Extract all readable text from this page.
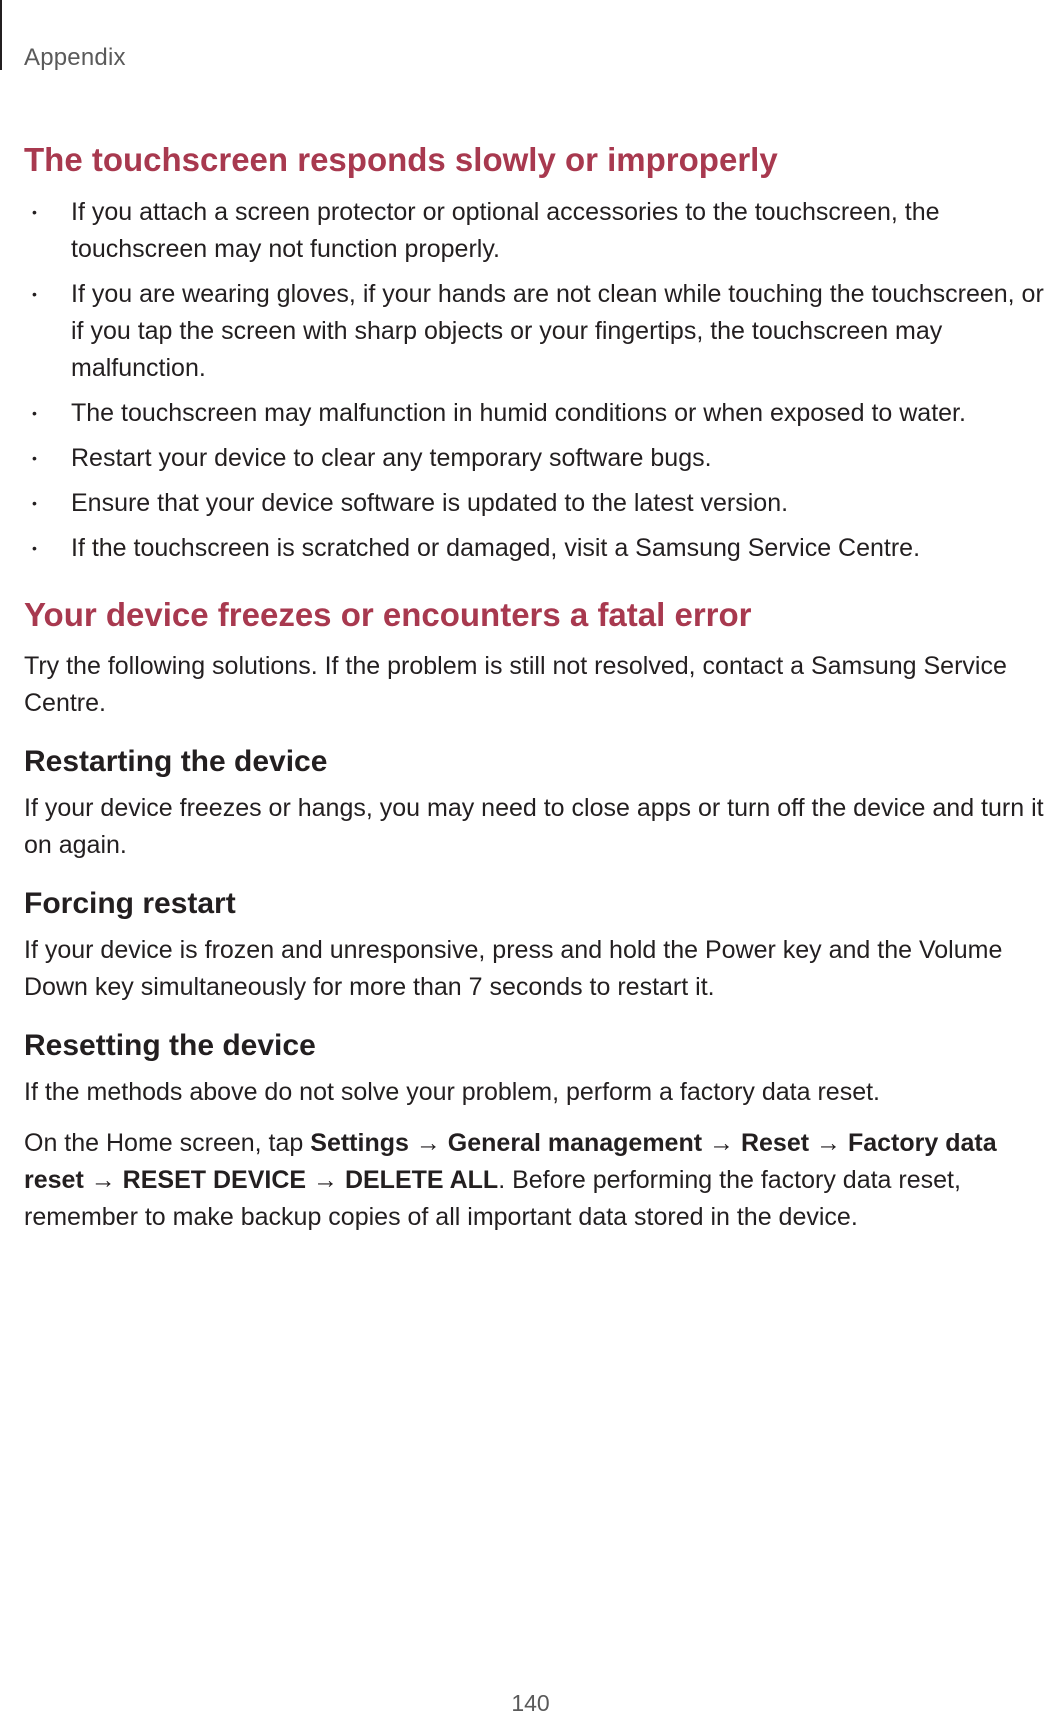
Appendix
The touchscreen responds slowly or improperly
• If you attach a screen protector or optional accessories to the touchscreen, the touchscreen may not function properly.
• If you are wearing gloves, if your hands are not clean while touching the touchscreen, or if you tap the screen with sharp objects or your fingertips, the touchscreen may malfunction.
• The touchscreen may malfunction in humid conditions or when exposed to water.
• Restart your device to clear any temporary software bugs.
• Ensure that your device software is updated to the latest version.
• If the touchscreen is scratched or damaged, visit a Samsung Service Centre.
Your device freezes or encounters a fatal error

Try the following solutions. If the problem is still not resolved, contact a Samsung Service Centre.

Restarting the device

If your device freezes or hangs, you may need to close apps or turn off the device and turn it on again.

Forcing restart

If your device is frozen and unresponsive, press and hold the Power key and the Volume Down key simultaneously for more than 7 seconds to restart it.

Resetting the device

If the methods above do not solve your problem, perform a factory data reset.

On the Home screen, tap Settings → General management → Reset → Factory data reset → RESET DEVICE → DELETE ALL. Before performing the factory data reset, remember to make backup copies of all important data stored in the device.

140
